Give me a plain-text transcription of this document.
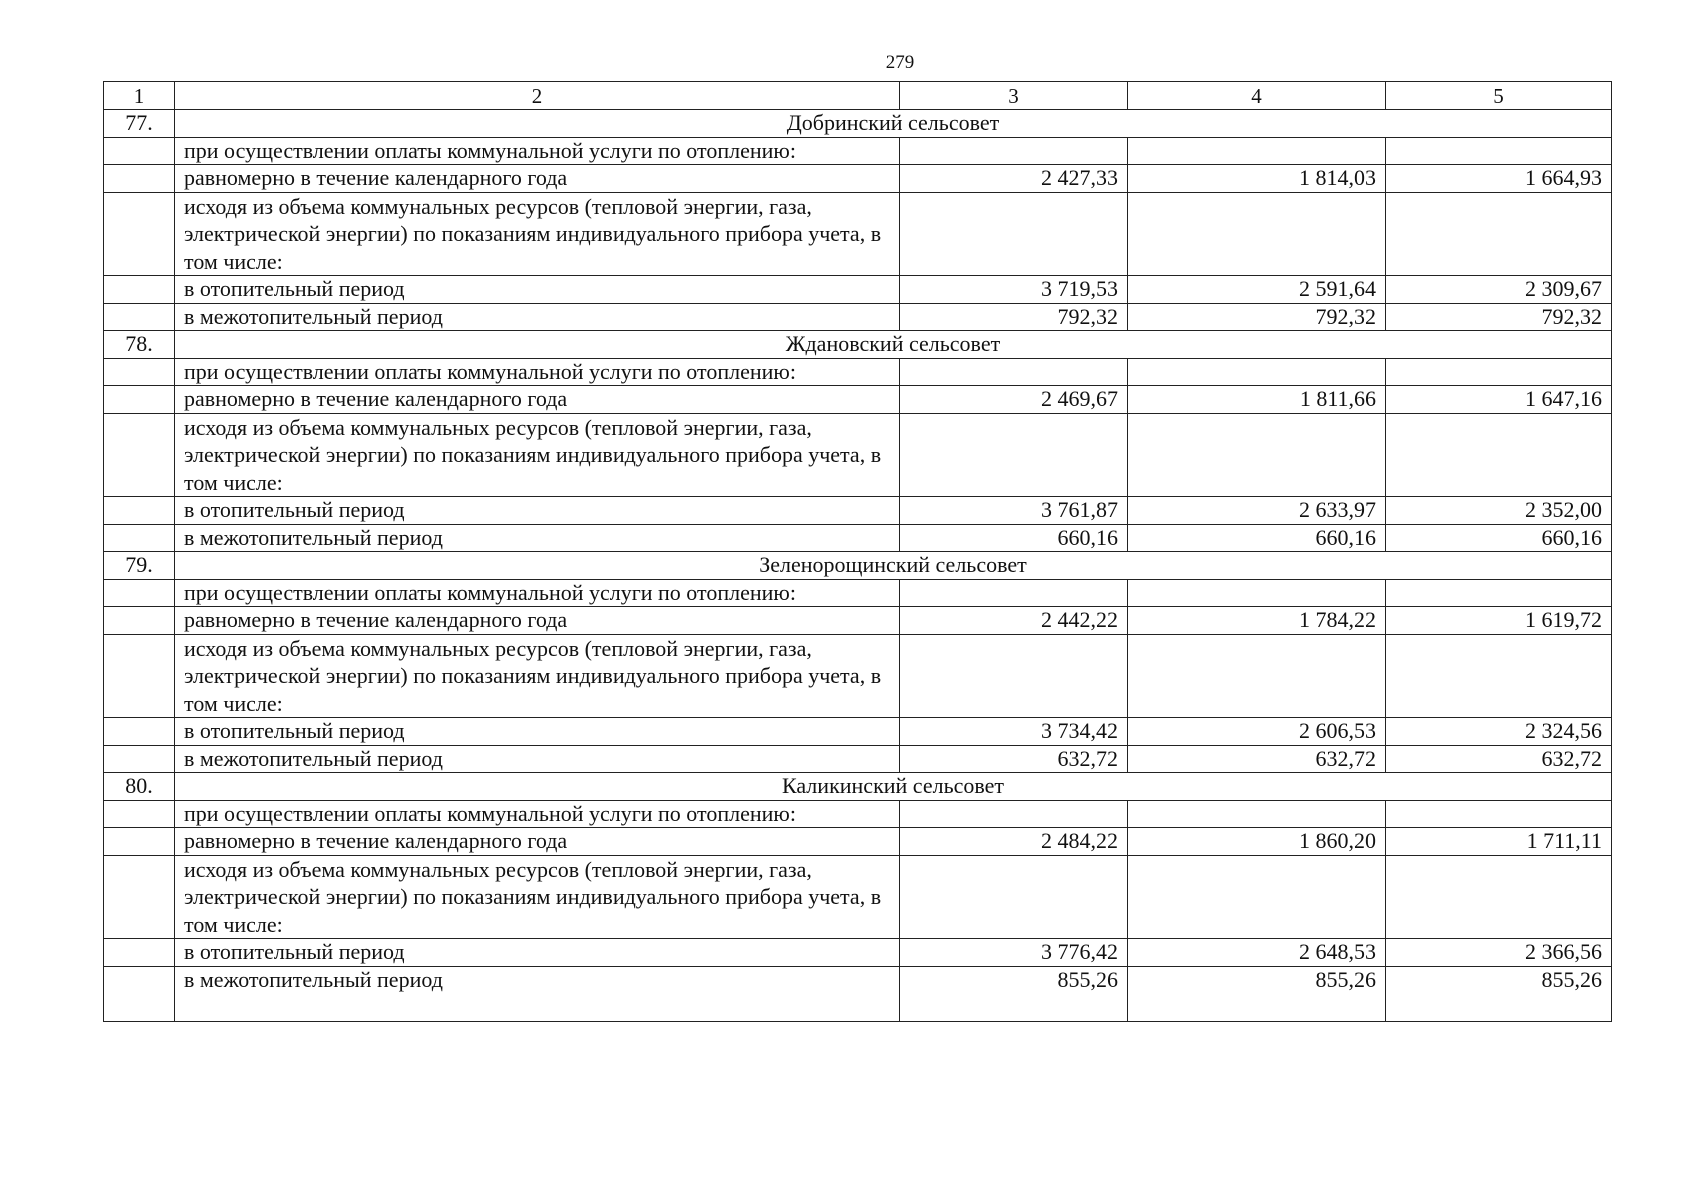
279
1	2	3	4	5
77.	Добринский сельсовет			
	при осуществлении оплаты коммунальной услуги по отоплению:			
	равномерно в течение календарного года	2 427,33	1 814,03	1 664,93
	исходя из объема коммунальных ресурсов (тепловой энергии, газа, электрической энергии) по показаниям индивидуального прибора учета, в том числе:			
	в отопительный период	3 719,53	2 591,64	2 309,67
	в межотопительный период	792,32	792,32	792,32
78.	Ждановский сельсовет			
	при осуществлении оплаты коммунальной услуги по отоплению:			
	равномерно в течение календарного года	2 469,67	1 811,66	1 647,16
	исходя из объема коммунальных ресурсов (тепловой энергии, газа, электрической энергии) по показаниям индивидуального прибора учета, в том числе:			
	в отопительный период	3 761,87	2 633,97	2 352,00
	в межотопительный период	660,16	660,16	660,16
79.	Зеленорощинский сельсовет			
	при осуществлении оплаты коммунальной услуги по отоплению:			
	равномерно в течение календарного года	2 442,22	1 784,22	1 619,72
	исходя из объема коммунальных ресурсов (тепловой энергии, газа, электрической энергии) по показаниям индивидуального прибора учета, в том числе:			
	в отопительный период	3 734,42	2 606,53	2 324,56
	в межотопительный период	632,72	632,72	632,72
80.	Каликинский сельсовет			
	при осуществлении оплаты коммунальной услуги по отоплению:			
	равномерно в течение календарного года	2 484,22	1 860,20	1 711,11
	исходя из объема коммунальных ресурсов (тепловой энергии, газа, электрической энергии) по показаниям индивидуального прибора учета, в том числе:			
	в отопительный период	3 776,42	2 648,53	2 366,56
	в межотопительный период	855,26	855,26	855,26
